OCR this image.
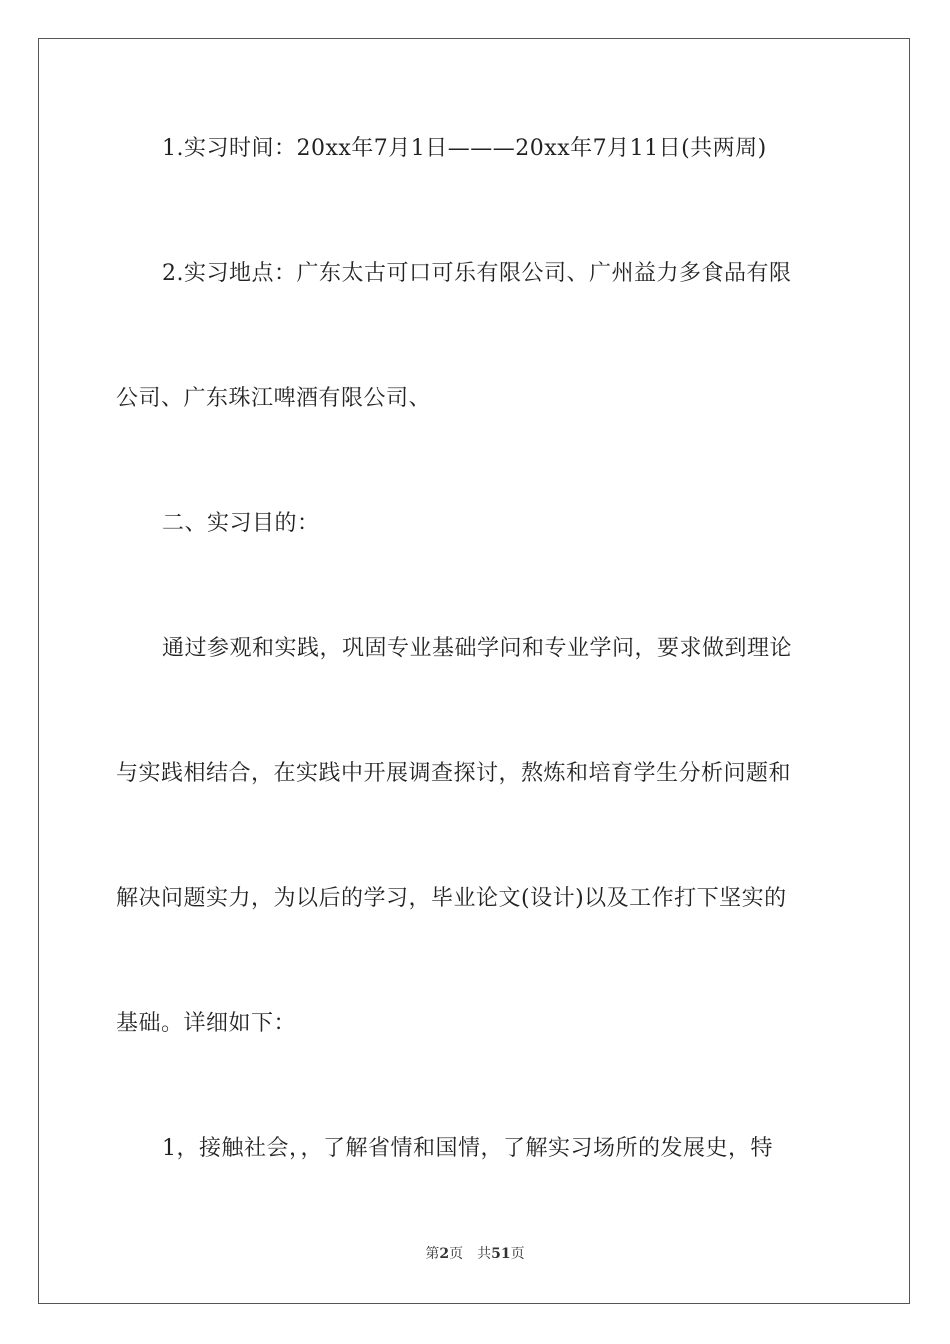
1.实习时间：20xx年7月1日———20xx年7月11日(共两周)
2.实习地点：广东太古可口可乐有限公司、广州益力多食品有限
公司、广东珠江啤酒有限公司、
二、实习目的：
通过参观和实践，巩固专业基础学问和专业学问，要求做到理论
与实践相结合，在实践中开展调查探讨，熬炼和培育学生分析问题和
解决问题实力，为以后的学习，毕业论文(设计)以及工作打下坚实的
基础。详细如下：
1，接触社会，，了解省情和国情，了解实习场所的发展史，特
第2页 共51页
